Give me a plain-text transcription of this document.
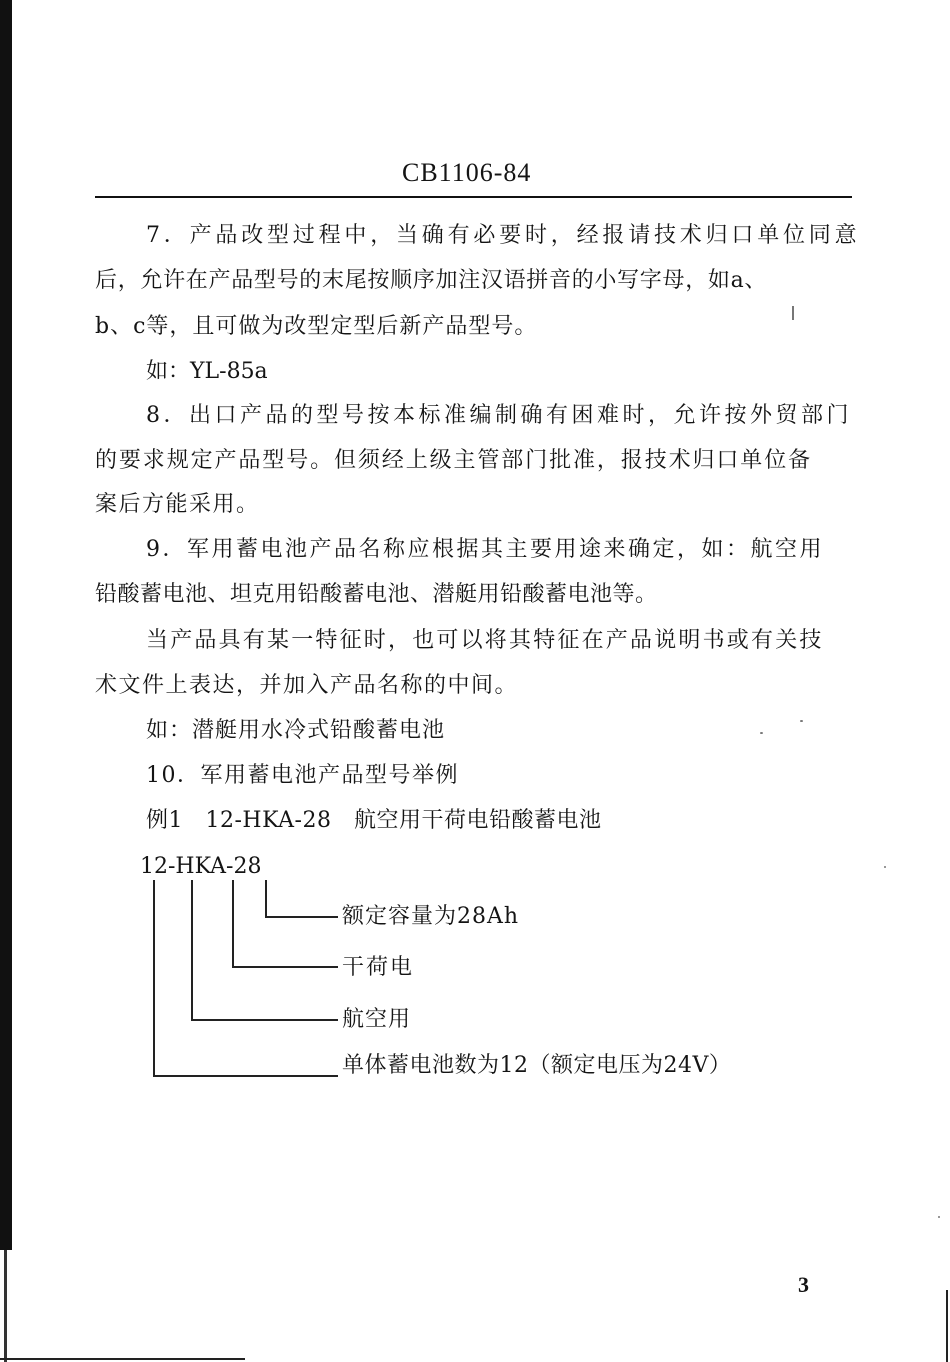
CB1106-84
7．产品改型过程中，当确有必要时，经报请技术归口单位同意
后，允许在产品型号的末尾按顺序加注汉语拼音的小写字母，如a、
b、c等，且可做为改型定型后新产品型号。
如：YL-85a
8．出口产品的型号按本标准编制确有困难时，允许按外贸部门
的要求规定产品型号。但须经上级主管部门批准，报技术归口单位备
案后方能采用。
9．军用蓄电池产品名称应根据其主要用途来确定，如：航空用
铅酸蓄电池、坦克用铅酸蓄电池、潜艇用铅酸蓄电池等。
当产品具有某一特征时，也可以将其特征在产品说明书或有关技
术文件上表达，并加入产品名称的中间。
如：潜艇用水冷式铅酸蓄电池
10．军用蓄电池产品型号举例
例1　12-HKA-28　航空用干荷电铅酸蓄电池
12-HKA-28
额定容量为28Ah
干荷电
航空用
单体蓄电池数为12（额定电压为24V）
3
